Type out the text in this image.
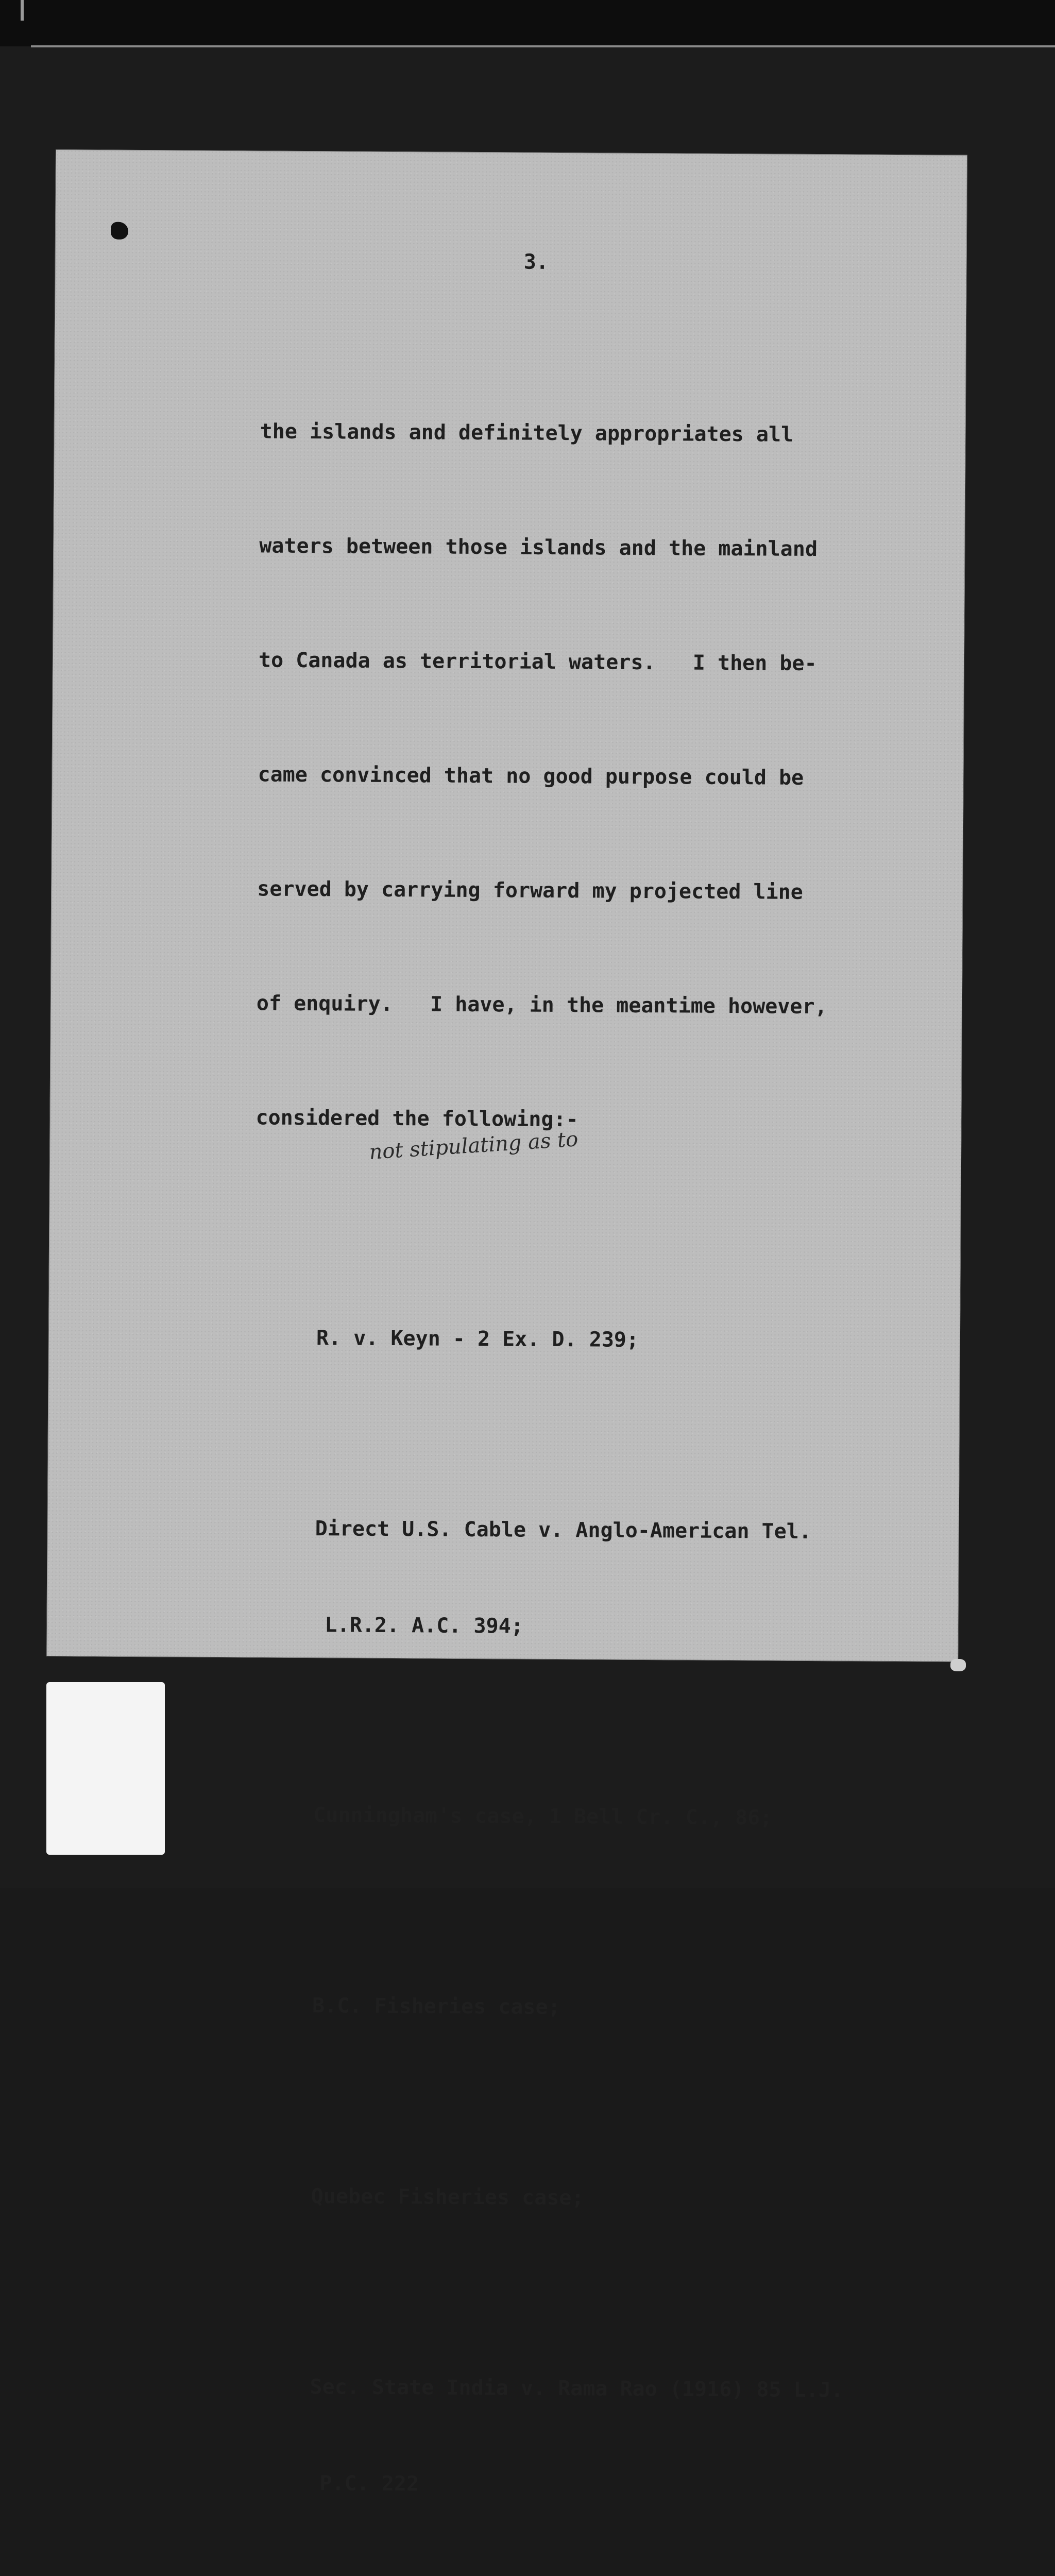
3.

the islands and definitely appropriates all

waters between those islands and the mainland

to Canada as territorial waters.   I then be-

came convinced that no good purpose could be

served by carrying forward my projected line

of enquiry.   I have, in the meantime however,

considered the following:-

R. v. Keyn - 2 Ex. D. 239;

Direct U.S. Cable v. Anglo-American Tel.

L.R.2. A.C. 394;

Cunningham's case, 1 Bell Cr. C., 86;

B.C. Fisheries case;

Quebec Fisheries case;

Sec. State India v. Rama Rao (1916) 85 L.J.

P.C. 222

not stipulating as to
